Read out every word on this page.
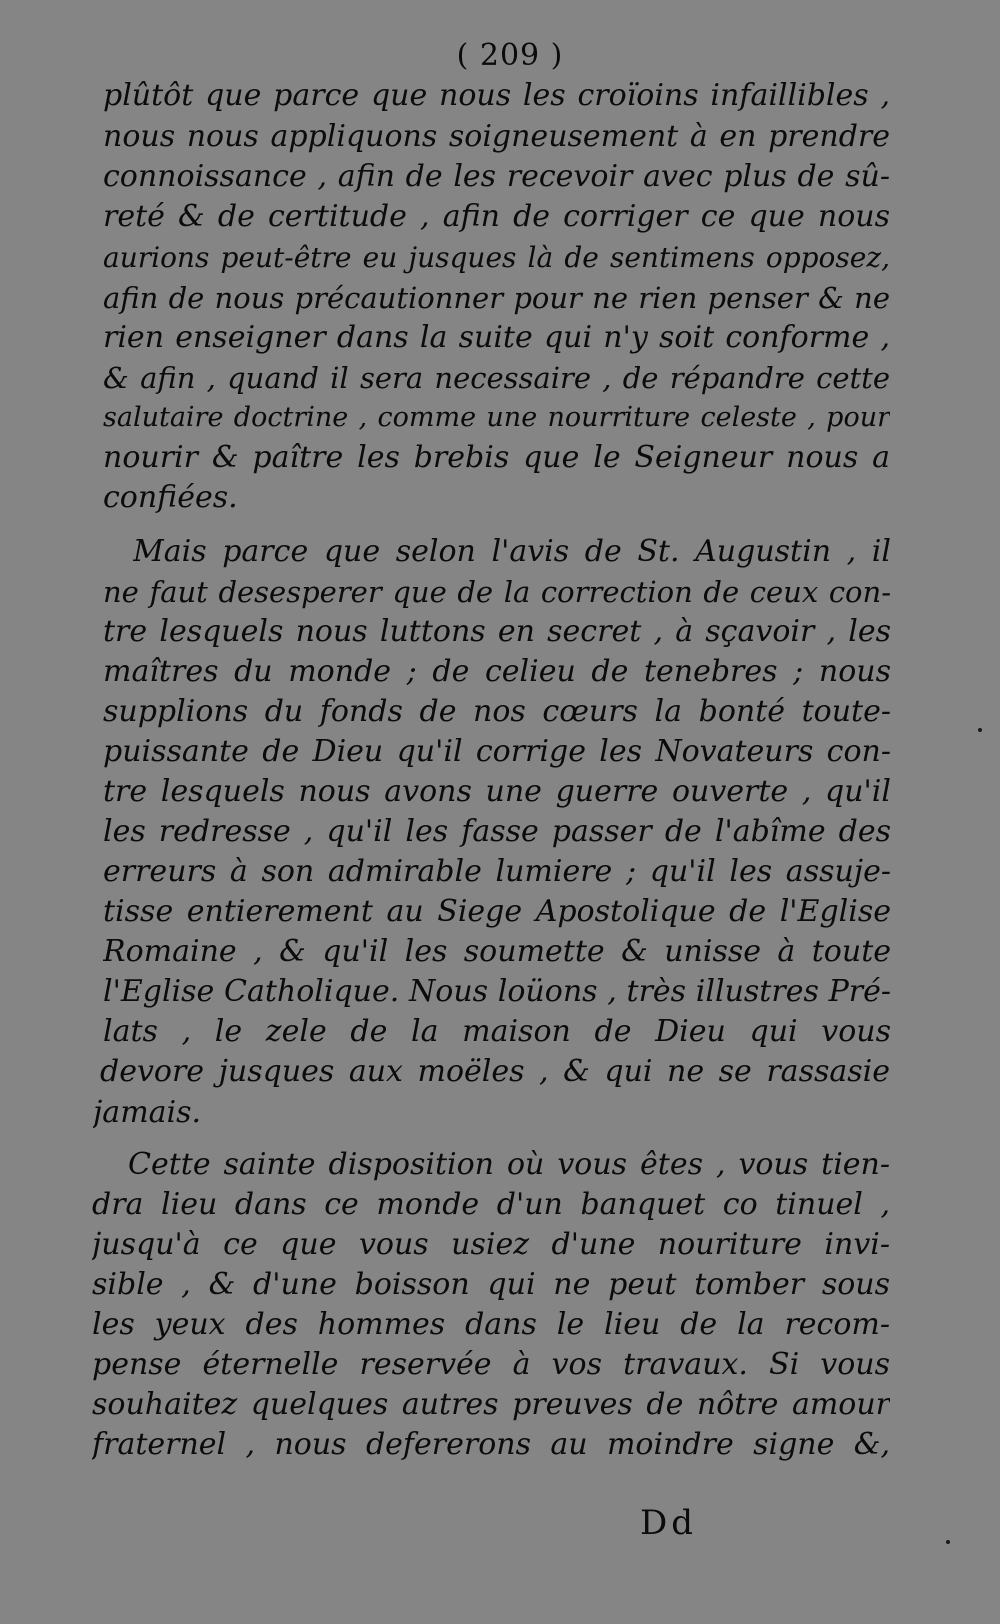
( 209 )
plûtôt que parce que nous les croïoins infaillibles ,
nous nous appliquons soigneusement à en prendre
connoissance , afin de les recevoir avec plus de sû-
reté & de certitude , afin de corriger ce que nous
aurions peut-être eu jusques là de sentimens opposez,
afin de nous précautionner pour ne rien penser & ne
rien enseigner dans la suite qui n'y soit conforme ,
& afin , quand il sera necessaire , de répandre cette
salutaire doctrine , comme une nourriture celeste , pour
nourir & paître les brebis que le Seigneur nous a
confiées.
Mais parce que selon l'avis de St. Augustin , il
ne faut desesperer que de la correction de ceux con-
tre lesquels nous luttons en secret , à sçavoir , les
maîtres du monde ; de celieu de tenebres ; nous
supplions du fonds de nos cœurs la bonté toute-
puissante de Dieu qu'il corrige les Novateurs con-
tre lesquels nous avons une guerre ouverte , qu'il
les redresse , qu'il les fasse passer de l'abîme des
erreurs à son admirable lumiere ; qu'il les assuje-
tisse entierement au Siege Apostolique de l'Eglise
Romaine , & qu'il les soumette & unisse à toute
l'Eglise Catholique. Nous loüons , très illustres Pré-
lats , le zele de la maison de Dieu qui vous
devore jusques aux moëles , & qui ne se rassasie
jamais.
Cette sainte disposition où vous êtes , vous tien-
dra lieu dans ce monde d'un banquet co tinuel ,
jusqu'à ce que vous usiez d'une nouriture invi-
sible , & d'une boisson qui ne peut tomber sous
les yeux des hommes dans le lieu de la recom-
pense éternelle reservée à vos travaux. Si vous
souhaitez quelques autres preuves de nôtre amour
fraternel , nous defererons au moindre signe &,
Dd
